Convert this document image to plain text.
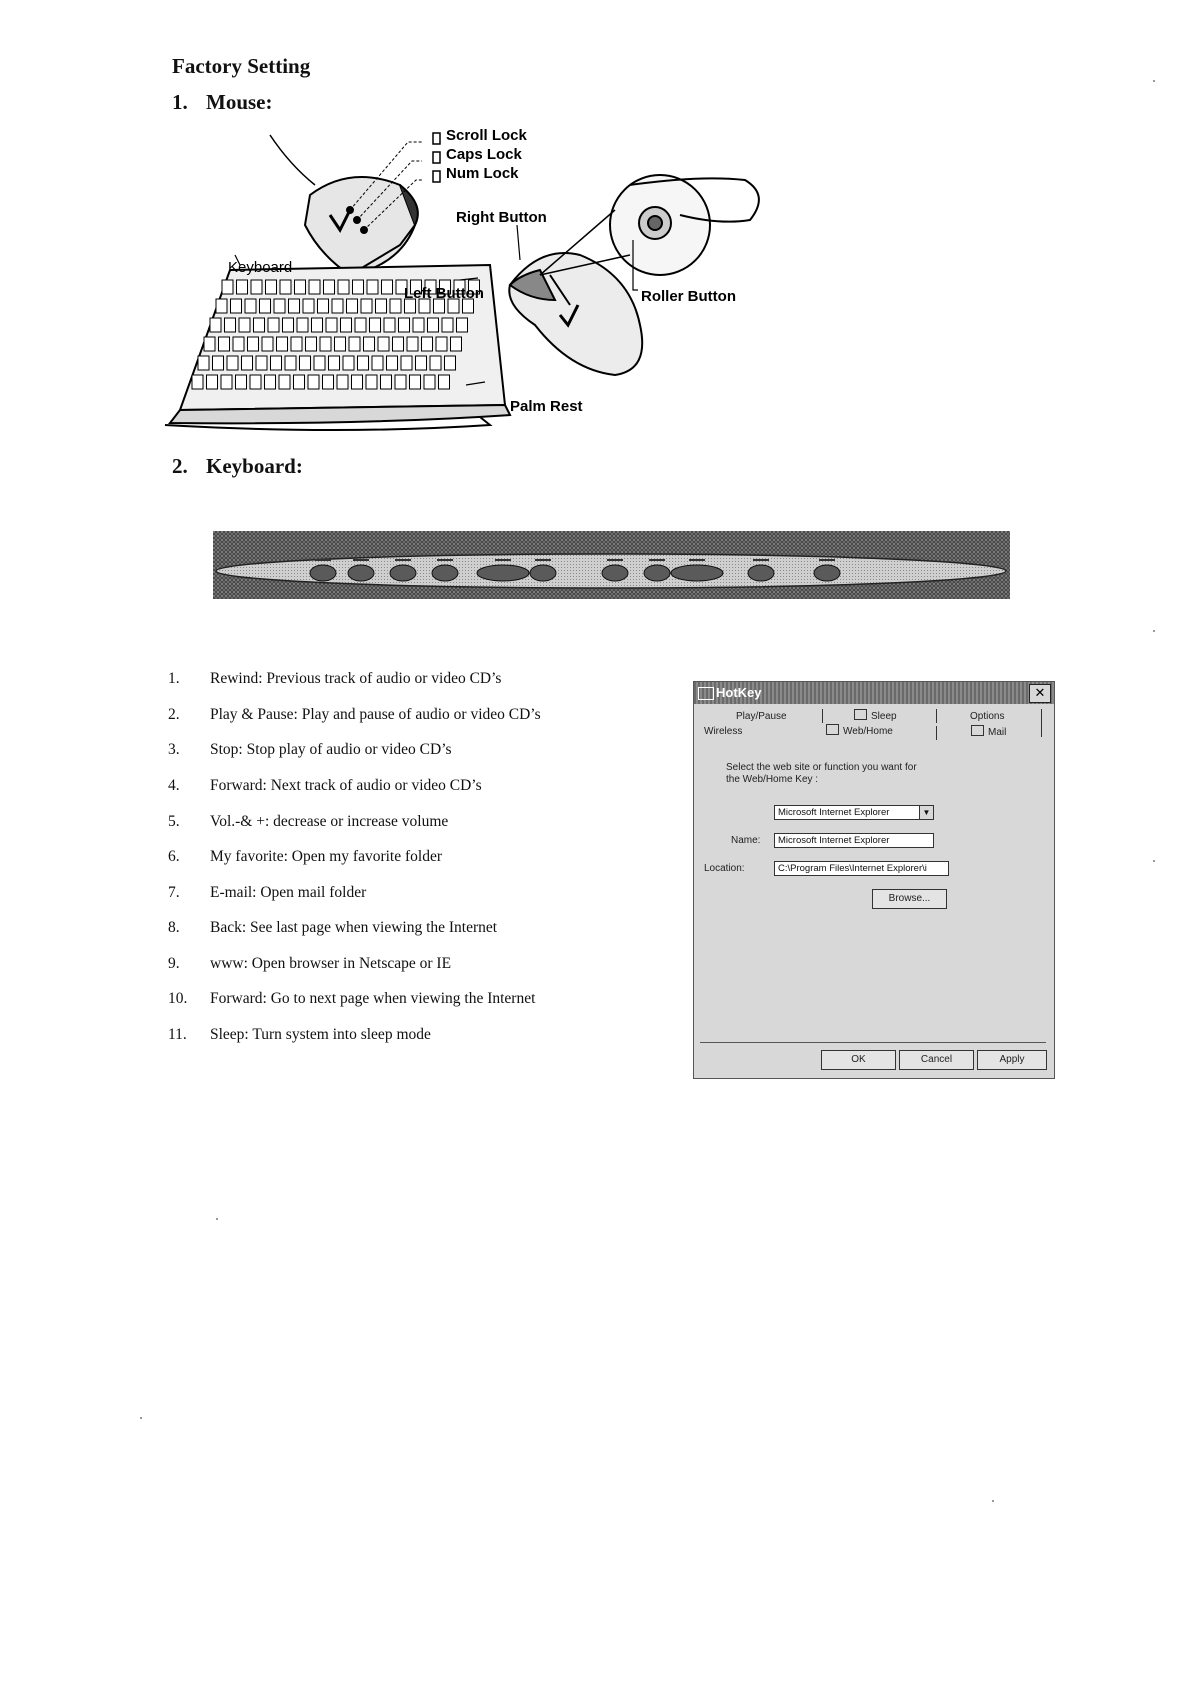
Factory Setting
1. Mouse:
Scroll Lock
Caps Lock
Num Lock
Right Button
Keyboard
Left Button	Roller Button
Palm Rest
2. Keyboard:
1. Rewind: Previous track of audio or video CD’s
2. Play & Pause: Play and pause of audio or video CD’s
3. Stop: Stop play of audio or video CD’s
4. Forward: Next track of audio or video CD’s
5. Vol.-& +: decrease or increase volume
6. My favorite: Open my favorite folder
7. E-mail: Open mail folder
8. Back: See last page when viewing the Internet
9. www: Open browser in Netscape or IE
10. Forward: Go to next page when viewing the Internet
11. Sleep: Turn system into sleep mode
HotKey	✕
Play/Pause	Sleep	Options
Wireless	Web/Home	Mail
Select the web site or function you want for
the Web/Home Key :
Microsoft Internet Explorer	▼
Name:	Microsoft Internet Explorer
Location:	C:\Program Files\Internet Explorer\i
Browse...
OK	Cancel	Apply
